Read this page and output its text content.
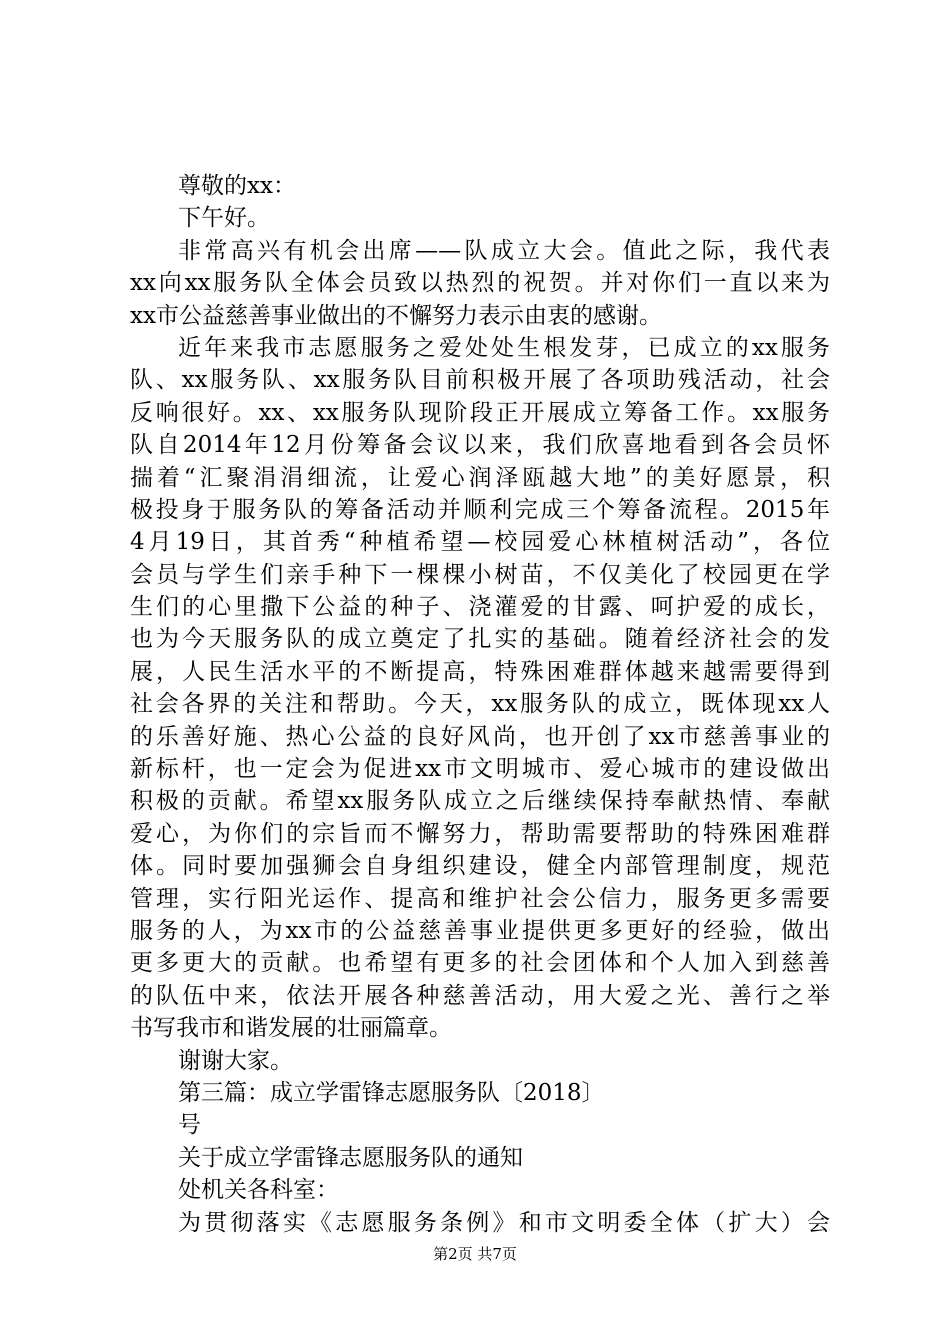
尊敬的xx：
下午好。
非常高兴有机会出席——队成立大会。值此之际，我代表
xx向xx服务队全体会员致以热烈的祝贺。并对你们一直以来为
xx市公益慈善事业做出的不懈努力表示由衷的感谢。
近年来我市志愿服务之爱处处生根发芽，已成立的xx服务
队、xx服务队、xx服务队目前积极开展了各项助残活动，社会
反响很好。xx、xx服务队现阶段正开展成立筹备工作。xx服务
队自2014年12月份筹备会议以来，我们欣喜地看到各会员怀
揣着“汇聚涓涓细流，让爱心润泽瓯越大地”的美好愿景，积
极投身于服务队的筹备活动并顺利完成三个筹备流程。2015年
4月19日，其首秀“种植希望—校园爱心林植树活动”，各位
会员与学生们亲手种下一棵棵小树苗，不仅美化了校园更在学
生们的心里撒下公益的种子、浇灌爱的甘露、呵护爱的成长，
也为今天服务队的成立奠定了扎实的基础。随着经济社会的发
展，人民生活水平的不断提高，特殊困难群体越来越需要得到
社会各界的关注和帮助。今天，xx服务队的成立，既体现xx人
的乐善好施、热心公益的良好风尚，也开创了xx市慈善事业的
新标杆，也一定会为促进xx市文明城市、爱心城市的建设做出
积极的贡献。希望xx服务队成立之后继续保持奉献热情、奉献
爱心，为你们的宗旨而不懈努力，帮助需要帮助的特殊困难群
体。同时要加强狮会自身组织建设，健全内部管理制度，规范
管理，实行阳光运作、提高和维护社会公信力，服务更多需要
服务的人，为xx市的公益慈善事业提供更多更好的经验，做出
更多更大的贡献。也希望有更多的社会团体和个人加入到慈善
的队伍中来，依法开展各种慈善活动，用大爱之光、善行之举
书写我市和谐发展的壮丽篇章。
谢谢大家。
第三篇：成立学雷锋志愿服务队〔2018〕
号
关于成立学雷锋志愿服务队的通知
处机关各科室：
为贯彻落实《志愿服务条例》和市文明委全体（扩大）会
第2页 共7页
